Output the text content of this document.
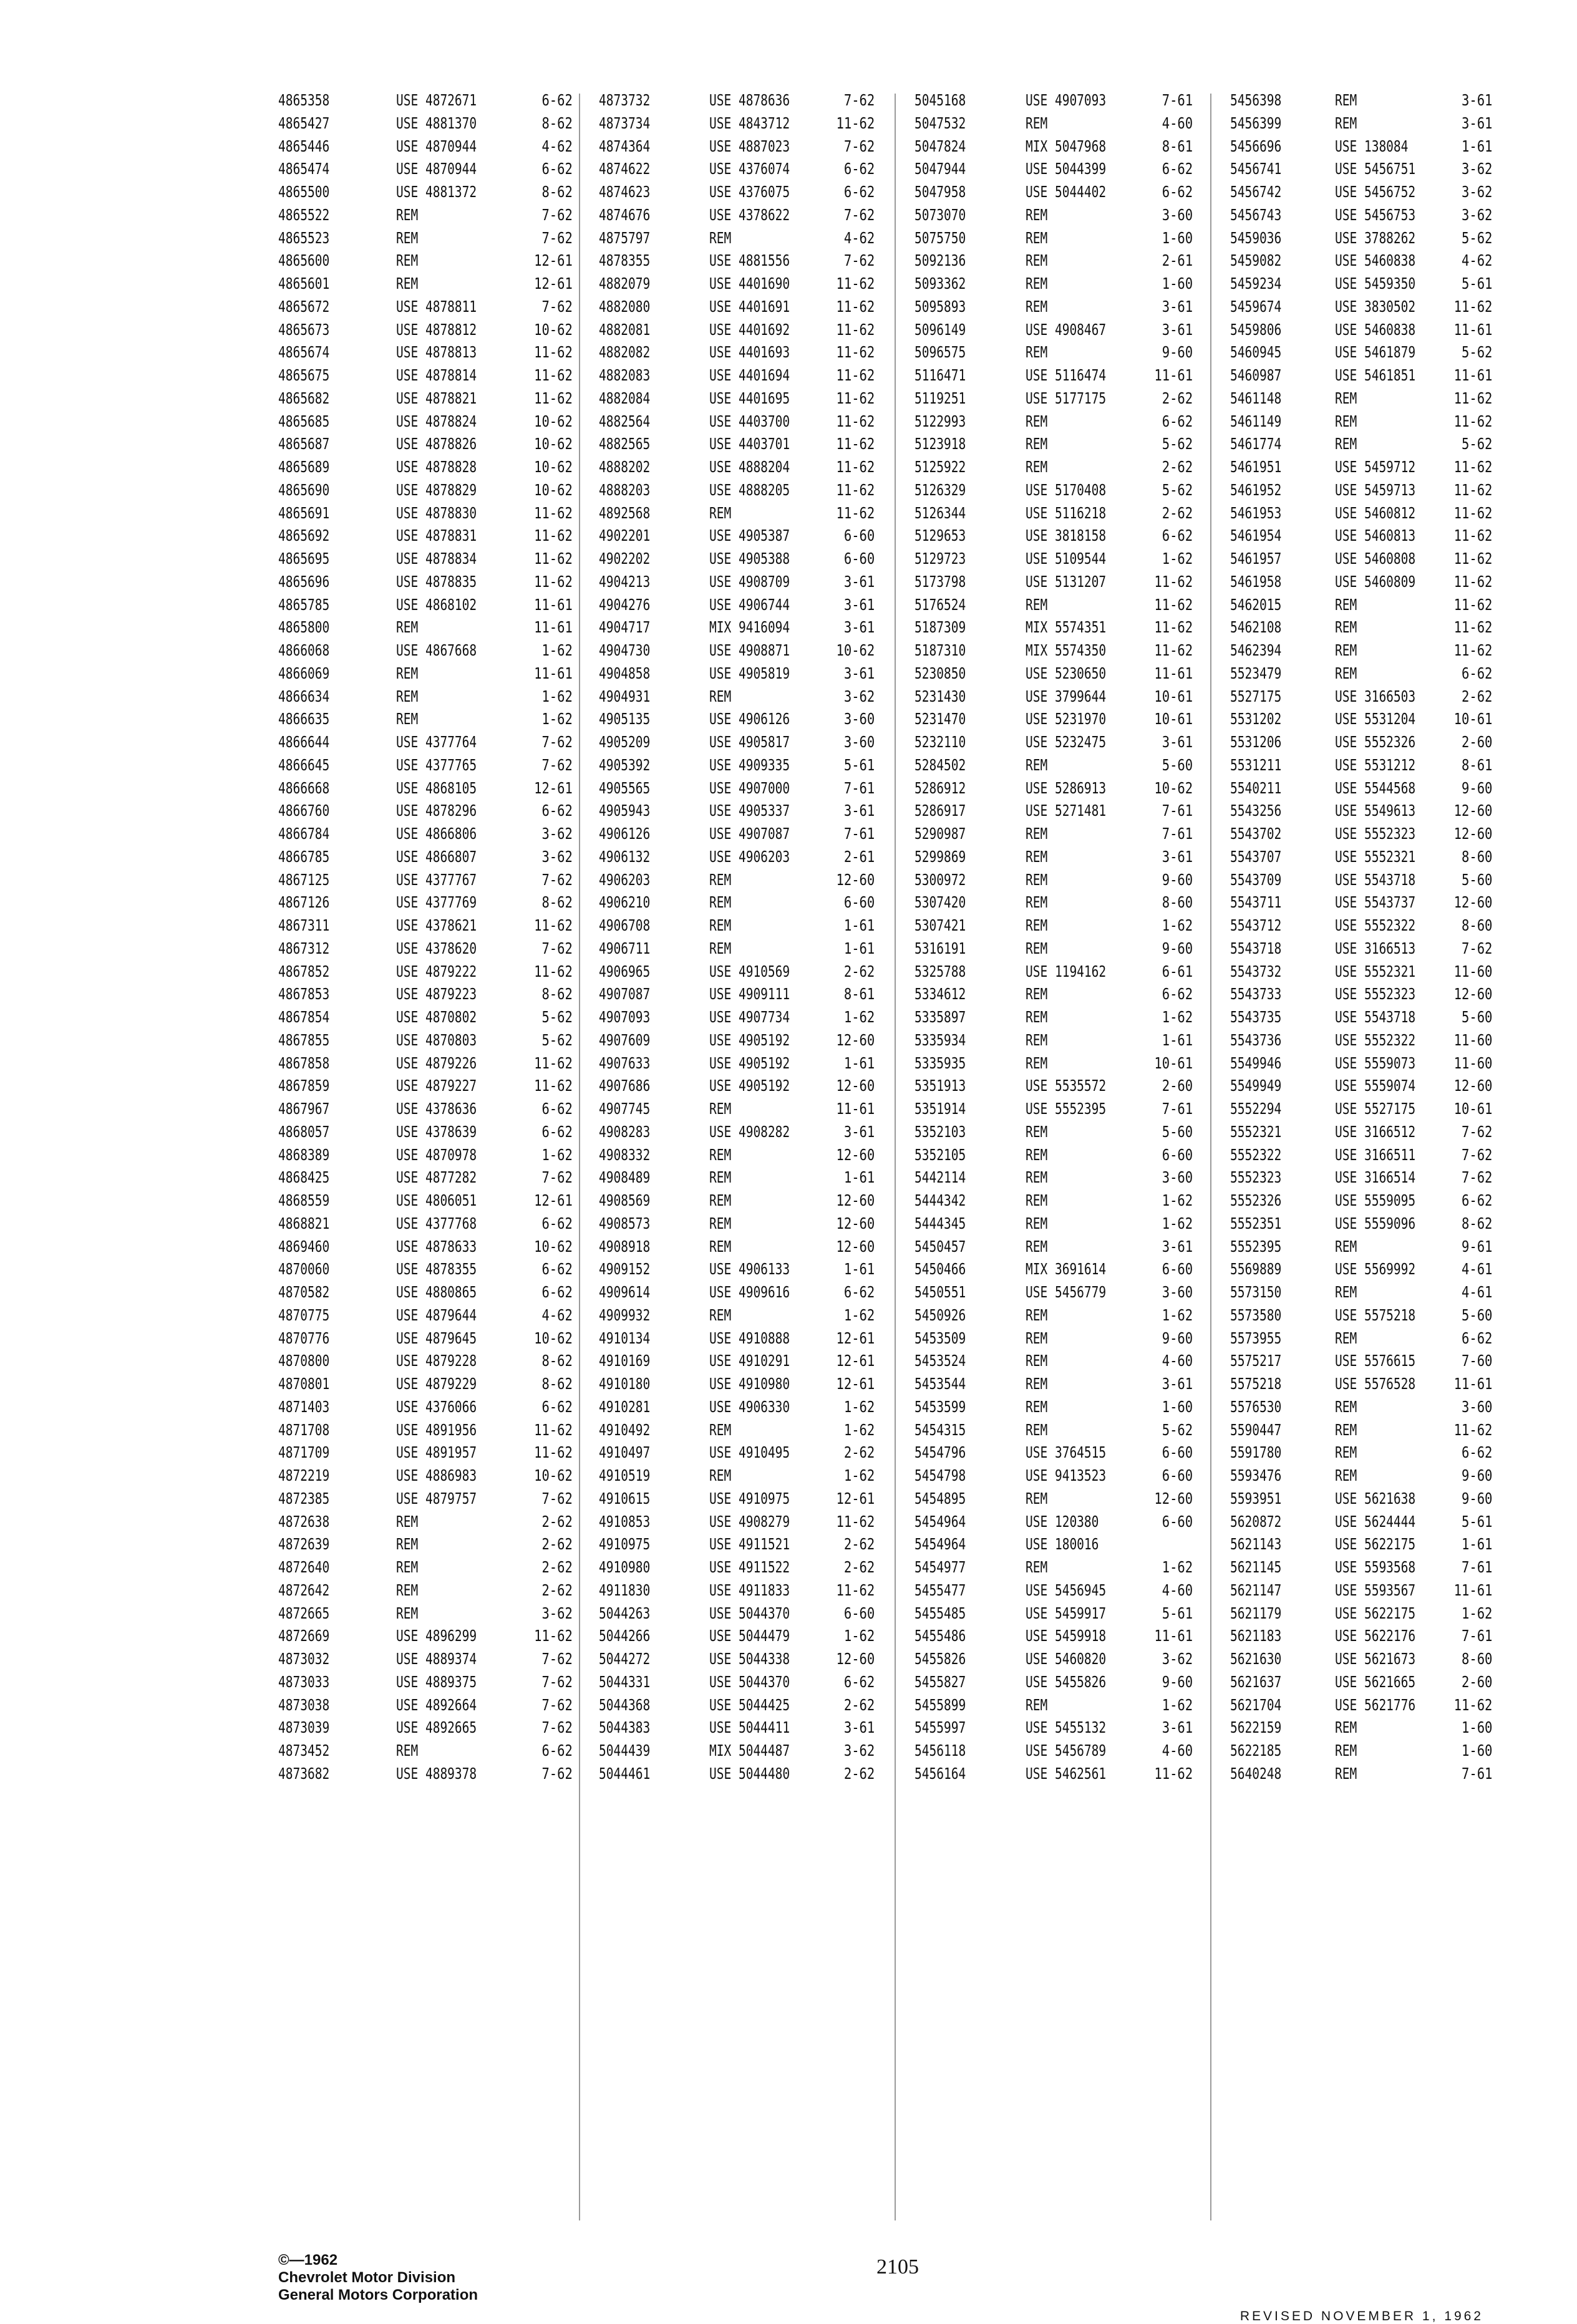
4865358	USE 4872671	6-62
4865427	USE 4881370	8-62
4865446	USE 4870944	4-62
4865474	USE 4870944	6-62
4865500	USE 4881372	8-62
4865522	REM	7-62
4865523	REM	7-62
4865600	REM	12-61
4865601	REM	12-61
4865672	USE 4878811	7-62
4865673	USE 4878812	10-62
4865674	USE 4878813	11-62
4865675	USE 4878814	11-62
4865682	USE 4878821	11-62
4865685	USE 4878824	10-62
4865687	USE 4878826	10-62
4865689	USE 4878828	10-62
4865690	USE 4878829	10-62
4865691	USE 4878830	11-62
4865692	USE 4878831	11-62
4865695	USE 4878834	11-62
4865696	USE 4878835	11-62
4865785	USE 4868102	11-61
4865800	REM	11-61
4866068	USE 4867668	1-62
4866069	REM	11-61
4866634	REM	1-62
4866635	REM	1-62
4866644	USE 4377764	7-62
4866645	USE 4377765	7-62
4866668	USE 4868105	12-61
4866760	USE 4878296	6-62
4866784	USE 4866806	3-62
4866785	USE 4866807	3-62
4867125	USE 4377767	7-62
4867126	USE 4377769	8-62
4867311	USE 4378621	11-62
4867312	USE 4378620	7-62
4867852	USE 4879222	11-62
4867853	USE 4879223	8-62
4867854	USE 4870802	5-62
4867855	USE 4870803	5-62
4867858	USE 4879226	11-62
4867859	USE 4879227	11-62
4867967	USE 4378636	6-62
4868057	USE 4378639	6-62
4868389	USE 4870978	1-62
4868425	USE 4877282	7-62
4868559	USE 4806051	12-61
4868821	USE 4377768	6-62
4869460	USE 4878633	10-62
4870060	USE 4878355	6-62
4870582	USE 4880865	6-62
4870775	USE 4879644	4-62
4870776	USE 4879645	10-62
4870800	USE 4879228	8-62
4870801	USE 4879229	8-62
4871403	USE 4376066	6-62
4871708	USE 4891956	11-62
4871709	USE 4891957	11-62
4872219	USE 4886983	10-62
4872385	USE 4879757	7-62
4872638	REM	2-62
4872639	REM	2-62
4872640	REM	2-62
4872642	REM	2-62
4872665	REM	3-62
4872669	USE 4896299	11-62
4873032	USE 4889374	7-62
4873033	USE 4889375	7-62
4873038	USE 4892664	7-62
4873039	USE 4892665	7-62
4873452	REM	6-62
4873682	USE 4889378	7-62
4873732	USE 4878636	7-62
4873734	USE 4843712	11-62
4874364	USE 4887023	7-62
4874622	USE 4376074	6-62
4874623	USE 4376075	6-62
4874676	USE 4378622	7-62
4875797	REM	4-62
4878355	USE 4881556	7-62
4882079	USE 4401690	11-62
4882080	USE 4401691	11-62
4882081	USE 4401692	11-62
4882082	USE 4401693	11-62
4882083	USE 4401694	11-62
4882084	USE 4401695	11-62
4882564	USE 4403700	11-62
4882565	USE 4403701	11-62
4888202	USE 4888204	11-62
4888203	USE 4888205	11-62
4892568	REM	11-62
4902201	USE 4905387	6-60
4902202	USE 4905388	6-60
4904213	USE 4908709	3-61
4904276	USE 4906744	3-61
4904717	MIX 9416094	3-61
4904730	USE 4908871	10-62
4904858	USE 4905819	3-61
4904931	REM	3-62
4905135	USE 4906126	3-60
4905209	USE 4905817	3-60
4905392	USE 4909335	5-61
4905565	USE 4907000	7-61
4905943	USE 4905337	3-61
4906126	USE 4907087	7-61
4906132	USE 4906203	2-61
4906203	REM	12-60
4906210	REM	6-60
4906708	REM	1-61
4906711	REM	1-61
4906965	USE 4910569	2-62
4907087	USE 4909111	8-61
4907093	USE 4907734	1-62
4907609	USE 4905192	12-60
4907633	USE 4905192	1-61
4907686	USE 4905192	12-60
4907745	REM	11-61
4908283	USE 4908282	3-61
4908332	REM	12-60
4908489	REM	1-61
4908569	REM	12-60
4908573	REM	12-60
4908918	REM	12-60
4909152	USE 4906133	1-61
4909614	USE 4909616	6-62
4909932	REM	1-62
4910134	USE 4910888	12-61
4910169	USE 4910291	12-61
4910180	USE 4910980	12-61
4910281	USE 4906330	1-62
4910492	REM	1-62
4910497	USE 4910495	2-62
4910519	REM	1-62
4910615	USE 4910975	12-61
4910853	USE 4908279	11-62
4910975	USE 4911521	2-62
4910980	USE 4911522	2-62
4911830	USE 4911833	11-62
5044263	USE 5044370	6-60
5044266	USE 5044479	1-62
5044272	USE 5044338	12-60
5044331	USE 5044370	6-62
5044368	USE 5044425	2-62
5044383	USE 5044411	3-61
5044439	MIX 5044487	3-62
5044461	USE 5044480	2-62
5045168	USE 4907093	7-61
5047532	REM	4-60
5047824	MIX 5047968	8-61
5047944	USE 5044399	6-62
5047958	USE 5044402	6-62
5073070	REM	3-60
5075750	REM	1-60
5092136	REM	2-61
5093362	REM	1-60
5095893	REM	3-61
5096149	USE 4908467	3-61
5096575	REM	9-60
5116471	USE 5116474	11-61
5119251	USE 5177175	2-62
5122993	REM	6-62
5123918	REM	5-62
5125922	REM	2-62
5126329	USE 5170408	5-62
5126344	USE 5116218	2-62
5129653	USE 3818158	6-62
5129723	USE 5109544	1-62
5173798	USE 5131207	11-62
5176524	REM	11-62
5187309	MIX 5574351	11-62
5187310	MIX 5574350	11-62
5230850	USE 5230650	11-61
5231430	USE 3799644	10-61
5231470	USE 5231970	10-61
5232110	USE 5232475	3-61
5284502	REM	5-60
5286912	USE 5286913	10-62
5286917	USE 5271481	7-61
5290987	REM	7-61
5299869	REM	3-61
5300972	REM	9-60
5307420	REM	8-60
5307421	REM	1-62
5316191	REM	9-60
5325788	USE 1194162	6-61
5334612	REM	6-62
5335897	REM	1-62
5335934	REM	1-61
5335935	REM	10-61
5351913	USE 5535572	2-60
5351914	USE 5552395	7-61
5352103	REM	5-60
5352105	REM	6-60
5442114	REM	3-60
5444342	REM	1-62
5444345	REM	1-62
5450457	REM	3-61
5450466	MIX 3691614	6-60
5450551	USE 5456779	3-60
5450926	REM	1-62
5453509	REM	9-60
5453524	REM	4-60
5453544	REM	3-61
5453599	REM	1-60
5454315	REM	5-62
5454796	USE 3764515	6-60
5454798	USE 9413523	6-60
5454895	REM	12-60
5454964	USE 120380	6-60
5454964	USE 180016
5454977	REM	1-62
5455477	USE 5456945	4-60
5455485	USE 5459917	5-61
5455486	USE 5459918	11-61
5455826	USE 5460820	3-62
5455827	USE 5455826	9-60
5455899	REM	1-62
5455997	USE 5455132	3-61
5456118	USE 5456789	4-60
5456164	USE 5462561	11-62
5456398	REM	3-61
5456399	REM	3-61
5456696	USE 138084	1-61
5456741	USE 5456751	3-62
5456742	USE 5456752	3-62
5456743	USE 5456753	3-62
5459036	USE 3788262	5-62
5459082	USE 5460838	4-62
5459234	USE 5459350	5-61
5459674	USE 3830502	11-62
5459806	USE 5460838	11-61
5460945	USE 5461879	5-62
5460987	USE 5461851	11-61
5461148	REM	11-62
5461149	REM	11-62
5461774	REM	5-62
5461951	USE 5459712	11-62
5461952	USE 5459713	11-62
5461953	USE 5460812	11-62
5461954	USE 5460813	11-62
5461957	USE 5460808	11-62
5461958	USE 5460809	11-62
5462015	REM	11-62
5462108	REM	11-62
5462394	REM	11-62
5523479	REM	6-62
5527175	USE 3166503	2-62
5531202	USE 5531204	10-61
5531206	USE 5552326	2-60
5531211	USE 5531212	8-61
5540211	USE 5544568	9-60
5543256	USE 5549613	12-60
5543702	USE 5552323	12-60
5543707	USE 5552321	8-60
5543709	USE 5543718	5-60
5543711	USE 5543737	12-60
5543712	USE 5552322	8-60
5543718	USE 3166513	7-62
5543732	USE 5552321	11-60
5543733	USE 5552323	12-60
5543735	USE 5543718	5-60
5543736	USE 5552322	11-60
5549946	USE 5559073	11-60
5549949	USE 5559074	12-60
5552294	USE 5527175	10-61
5552321	USE 3166512	7-62
5552322	USE 3166511	7-62
5552323	USE 3166514	7-62
5552326	USE 5559095	6-62
5552351	USE 5559096	8-62
5552395	REM	9-61
5569889	USE 5569992	4-61
5573150	REM	4-61
5573580	USE 5575218	5-60
5573955	REM	6-62
5575217	USE 5576615	7-60
5575218	USE 5576528	11-61
5576530	REM	3-60
5590447	REM	11-62
5591780	REM	6-62
5593476	REM	9-60
5593951	USE 5621638	9-60
5620872	USE 5624444	5-61
5621143	USE 5622175	1-61
5621145	USE 5593568	7-61
5621147	USE 5593567	11-61
5621179	USE 5622175	1-62
5621183	USE 5622176	7-61
5621630	USE 5621673	8-60
5621637	USE 5621665	2-60
5621704	USE 5621776	11-62
5622159	REM	1-60
5622185	REM	1-60
5640248	REM	7-61
©—1962
Chevrolet Motor Division
General Motors Corporation
2105
REVISED NOVEMBER 1, 1962
